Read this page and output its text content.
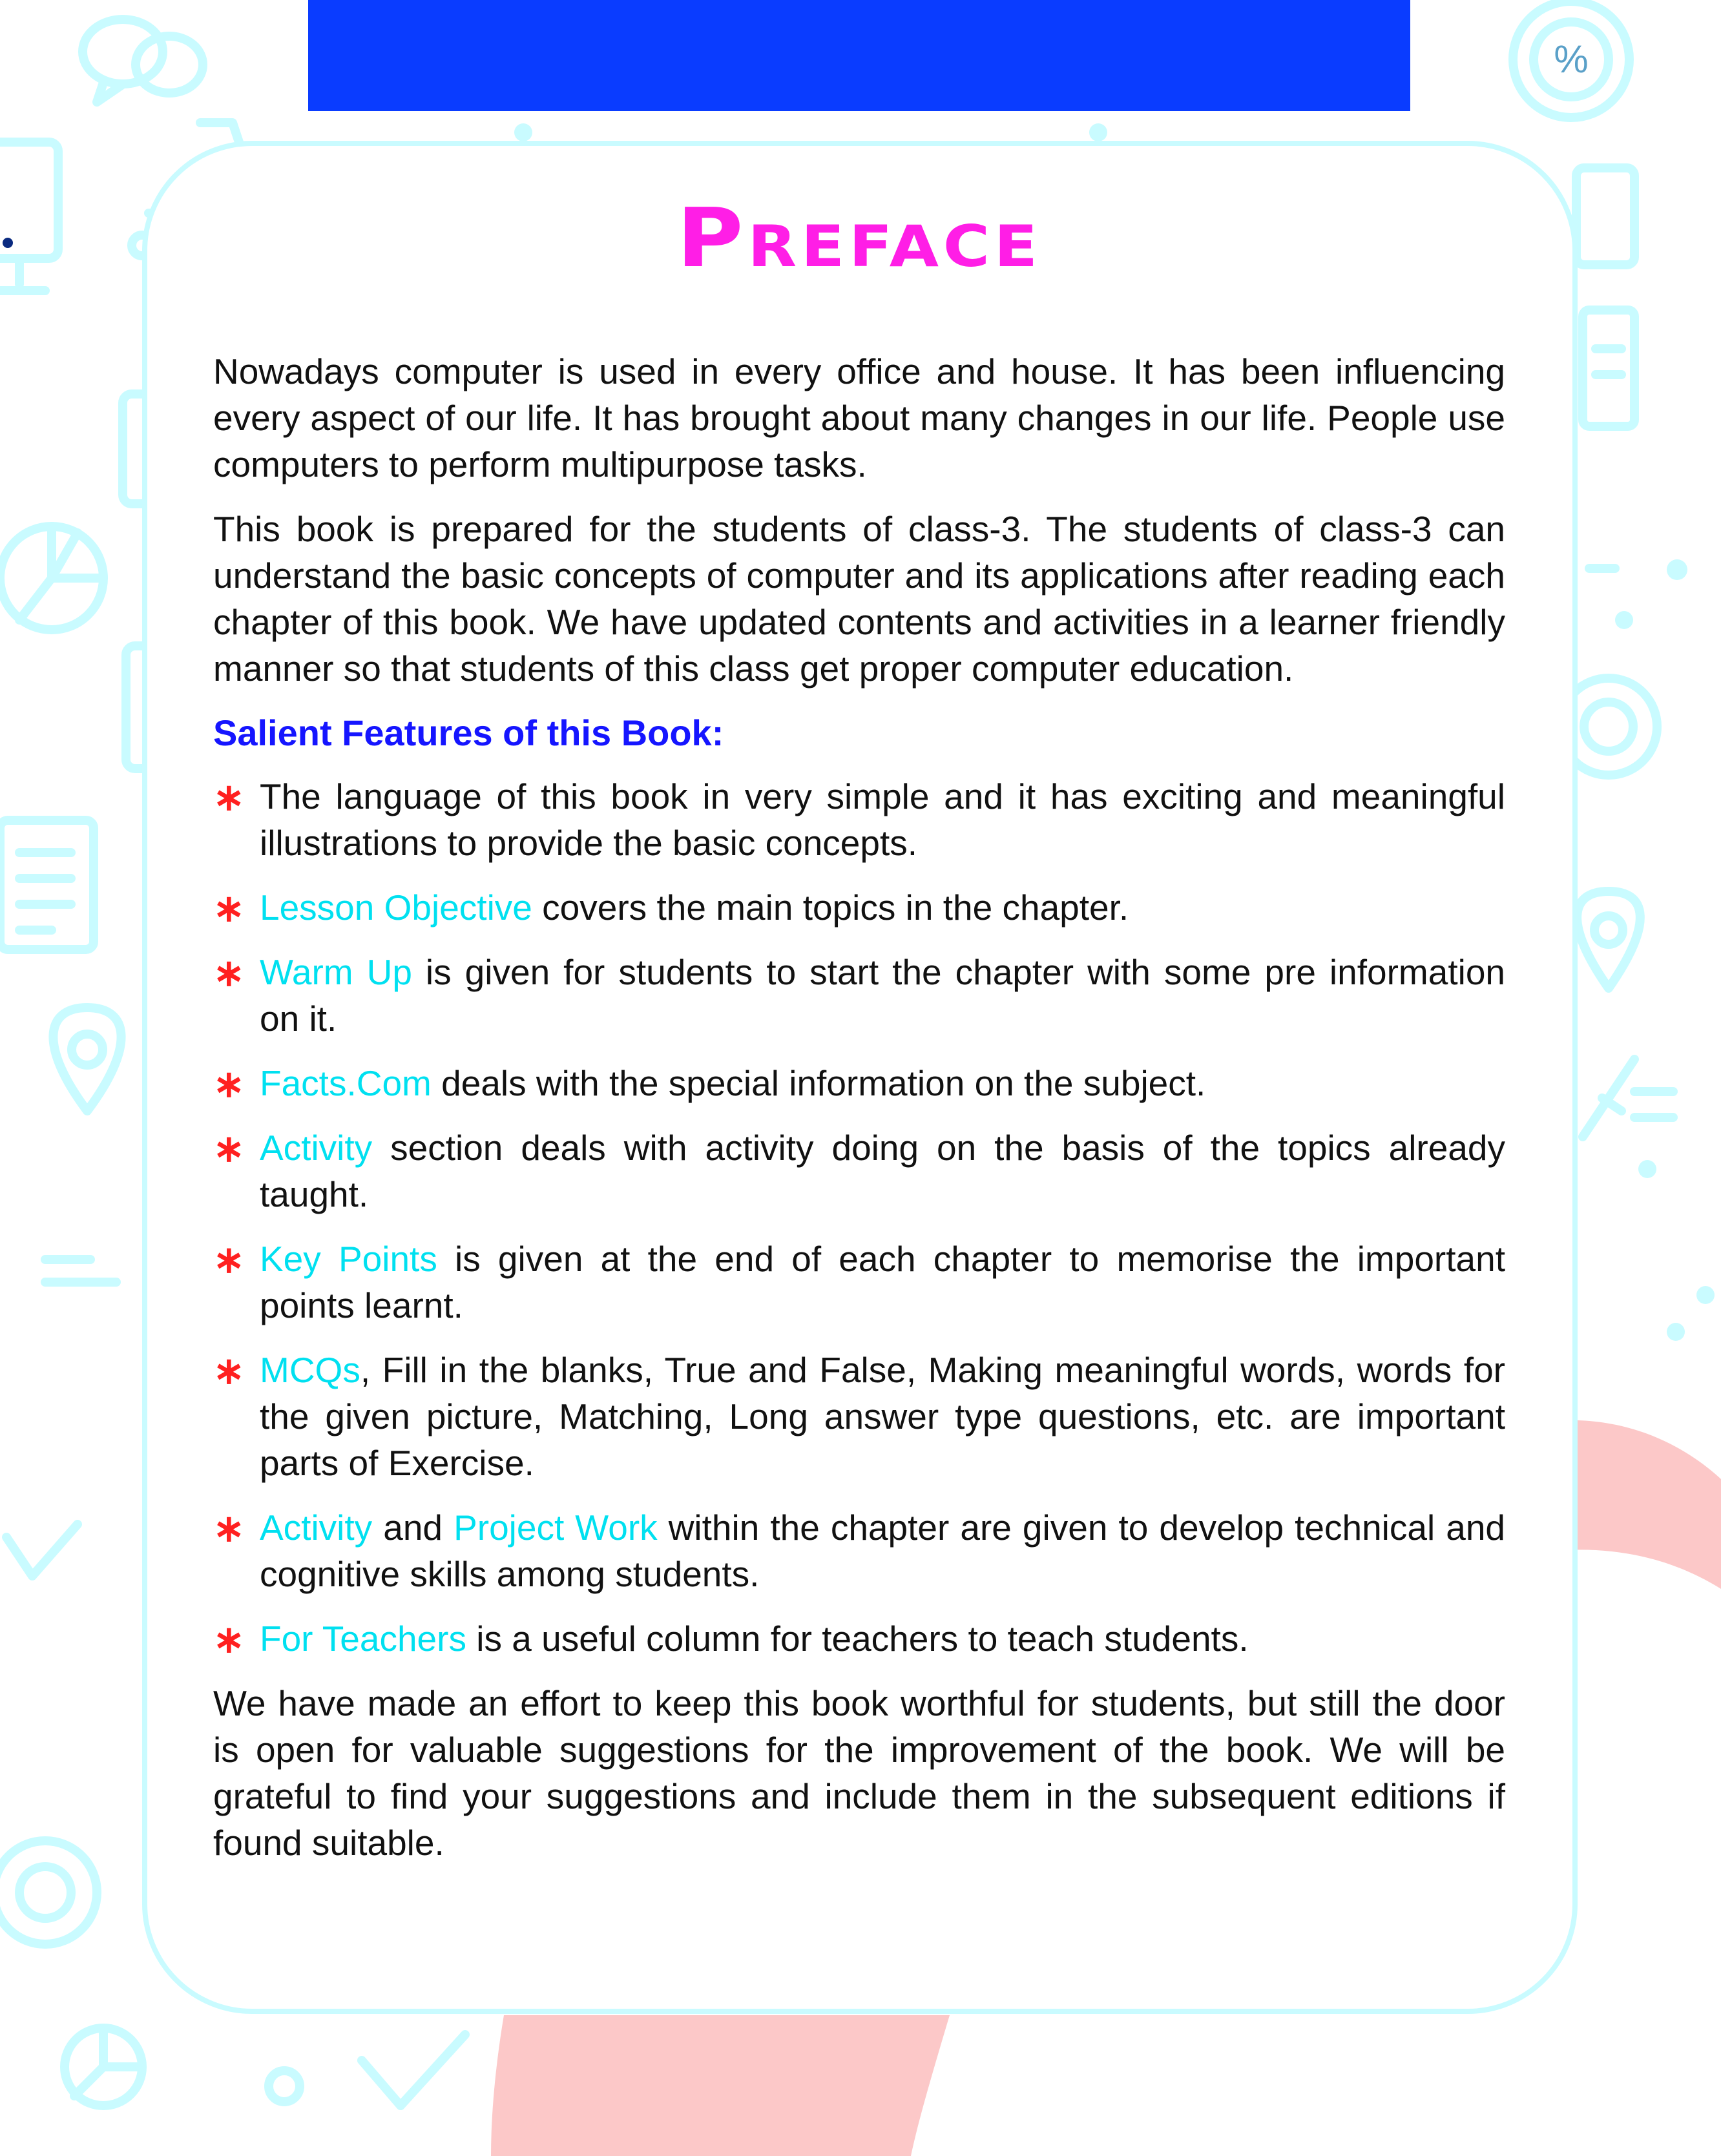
%
Preface

Nowadays computer is used in every office and house. It has been influencing every aspect of our life. It has brought about many changes in our life. People use computers to perform multipurpose tasks.

This book is prepared for the students of class-3. The students of class-3 can understand the basic concepts of computer and its applications after reading each chapter of this book. We have updated contents and activities in a learner friendly manner so that students of this class get proper computer education.

Salient Features of this Book:
∗ The language of this book in very simple and it has exciting and meaningful illustrations to provide the basic concepts.
∗ Lesson Objective covers the main topics in the chapter.
∗ Warm Up is given for students to start the chapter with some pre information on it.
∗ Facts.Com deals with the special information on the subject.
∗ Activity section deals with activity doing on the basis of the topics already taught.
∗ Key Points is given at the end of each chapter to memorise the important points learnt.
∗ MCQs, Fill in the blanks, True and False, Making meaningful words, words for the given picture, Matching, Long answer type questions, etc. are important parts of Exercise.
∗ Activity and Project Work within the chapter are given to develop technical and cognitive skills among students.
∗ For Teachers is a useful column for teachers to teach students.

We have made an effort to keep this book worthful for students, but still the door is open for valuable suggestions for the improvement of the book. We will be grateful to find your suggestions and include them in the subsequent editions if found suitable.
